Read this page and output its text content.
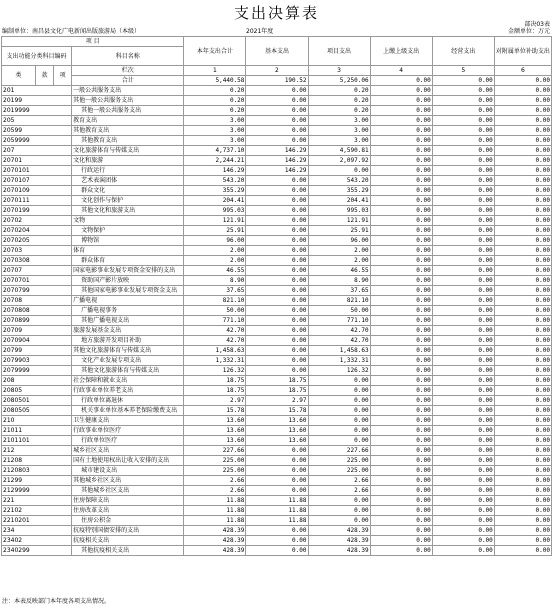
支出决算表
部决03表
编制单位：南昌县文化广电新闻出版旅游局（本级）	2021年度	金额单位：万元
项 目				本年支出合计	基本支出	项目支出	上缴上级支出	经营支出	对附属单位补助支出
支出功能分类科目编码			科目名称						

类	款	项	栏次	1	2	3	4	5	6
			合计	5,440.58	190.52	5,250.06	0.00	0.00	0.00
201			一般公共服务支出	0.20	0.00	0.20	0.00	0.00	0.00
20199			其他一般公共服务支出	0.20	0.00	0.20	0.00	0.00	0.00
2019999			其他一般公共服务支出	0.20	0.00	0.20	0.00	0.00	0.00
205			教育支出	3.00	0.00	3.00	0.00	0.00	0.00
20599			其他教育支出	3.00	0.00	3.00	0.00	0.00	0.00
2059999			其他教育支出	3.00	0.00	3.00	0.00	0.00	0.00
207			文化旅游体育与传媒支出	4,737.10	146.29	4,590.81	0.00	0.00	0.00
20701			文化和旅游	2,244.21	146.29	2,097.92	0.00	0.00	0.00
2070101			行政运行	146.29	146.29	0.00	0.00	0.00	0.00
2070107			艺术表演团体	543.20	0.00	543.20	0.00	0.00	0.00
2070109			群众文化	355.29	0.00	355.29	0.00	0.00	0.00
2070111			文化创作与保护	204.41	0.00	204.41	0.00	0.00	0.00
2070199			其他文化和旅游支出	995.03	0.00	995.03	0.00	0.00	0.00
20702			文物	121.91	0.00	121.91	0.00	0.00	0.00
2070204			文物保护	25.91	0.00	25.91	0.00	0.00	0.00
2070205			博物馆	96.00	0.00	96.00	0.00	0.00	0.00
20703			体育	2.00	0.00	2.00	0.00	0.00	0.00
2070308			群众体育	2.00	0.00	2.00	0.00	0.00	0.00
20707			国家电影事业发展专项资金安排的支出	46.55	0.00	46.55	0.00	0.00	0.00
2070701			资助国产影片放映	8.90	0.00	8.90	0.00	0.00	0.00
2070799			其他国家电影事业发展专项资金支出	37.65	0.00	37.65	0.00	0.00	0.00
20708			广播电视	821.10	0.00	821.10	0.00	0.00	0.00
2070808			广播电视事务	50.00	0.00	50.00	0.00	0.00	0.00
2070899			其他广播电视支出	771.10	0.00	771.10	0.00	0.00	0.00
20709			旅游发展基金支出	42.70	0.00	42.70	0.00	0.00	0.00
2070904			地方旅游开发项目补助	42.70	0.00	42.70	0.00	0.00	0.00
20799			其他文化旅游体育与传媒支出	1,458.63	0.00	1,458.63	0.00	0.00	0.00
2079903			文化产业发展专项支出	1,332.31	0.00	1,332.31	0.00	0.00	0.00
2079999			其他文化旅游体育与传媒支出	126.32	0.00	126.32	0.00	0.00	0.00
208			社会保障和就业支出	18.75	18.75	0.00	0.00	0.00	0.00
20805			行政事业单位养老支出	18.75	18.75	0.00	0.00	0.00	0.00
2080501			行政单位离退休	2.97	2.97	0.00	0.00	0.00	0.00
2080505			机关事业单位基本养老保险缴费支出	15.78	15.78	0.00	0.00	0.00	0.00
210			卫生健康支出	13.60	13.60	0.00	0.00	0.00	0.00
21011			行政事业单位医疗	13.60	13.60	0.00	0.00	0.00	0.00
2101101			行政单位医疗	13.60	13.60	0.00	0.00	0.00	0.00
212			城乡社区支出	227.66	0.00	227.66	0.00	0.00	0.00
21208			国有土地使用权出让收入安排的支出	225.00	0.00	225.00	0.00	0.00	0.00
2120803			城市建设支出	225.00	0.00	225.00	0.00	0.00	0.00
21299			其他城乡社区支出	2.66	0.00	2.66	0.00	0.00	0.00
2129999			其他城乡社区支出	2.66	0.00	2.66	0.00	0.00	0.00
221			住房保障支出	11.88	11.88	0.00	0.00	0.00	0.00
22102			住房改革支出	11.88	11.88	0.00	0.00	0.00	0.00
2210201			住房公积金	11.88	11.88	0.00	0.00	0.00	0.00
234			抗疫特别国债安排的支出	428.39	0.00	428.39	0.00	0.00	0.00
23402			抗疫相关支出	428.39	0.00	428.39	0.00	0.00	0.00
2340299			其他抗疫相关支出	428.39	0.00	428.39	0.00	0.00	0.00
注：本表反映部门本年度各项支出情况。
